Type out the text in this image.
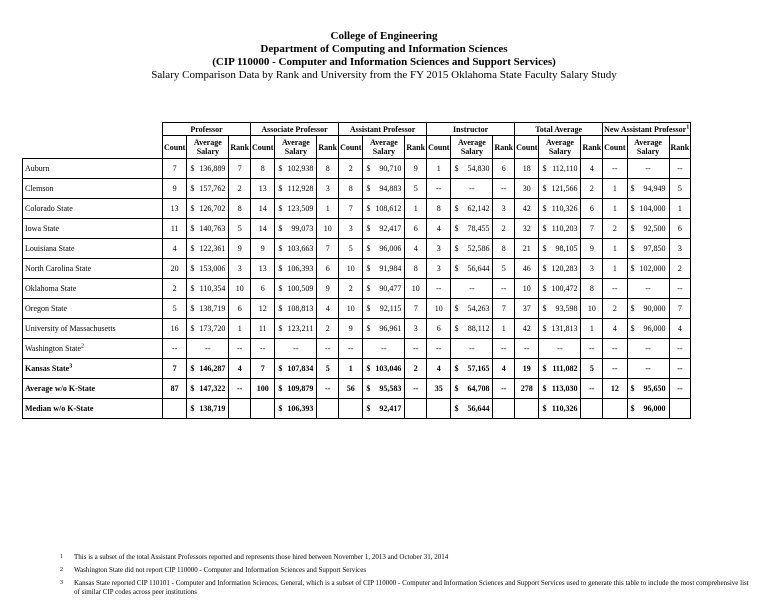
College of Engineering
Department of Computing and Information Sciences
(CIP 110000 - Computer and Information Sciences and Support Services)
Salary Comparison Data by Rank and University from the FY 2015 Oklahoma State Faculty Salary Study
	Professor			Associate Professor			Assistant Professor			Instructor			Total Average			New Assistant Professor$^1$
	Count	Average Salary	Rank	Count	Average Salary	Rank	Count	Average Salary	Rank	Count	Average Salary	Rank	Count	Average Salary	Rank	Count	Average Salary	Rank
Auburn	7	$ 136,889	7	8	$ 102,938	8	2	$ 90,710	9	1	$ 54,830	6	18	$ 112,110	4	--	--	--
Clemson	9	$ 157,762	2	13	$ 112,928	3	8	$ 94,883	5	--	--	--	30	$ 121,566	2	1	$ 94,949	5
Colorado State	13	$ 126,702	8	14	$ 123,509	1	7	$ 108,612	1	8	$ 62,142	3	42	$ 110,326	6	1	$ 104,000	1
Iowa State	11	$ 140,763	5	14	$ 99,073	10	3	$ 92,417	6	4	$ 78,455	2	32	$ 110,203	7	2	$ 92,500	6
Louisiana State	4	$ 122,361	9	9	$ 103,663	7	5	$ 96,006	4	3	$ 52,586	8	21	$ 98,105	9	1	$ 97,850	3
North Carolina State	20	$ 153,006	3	13	$ 106,393	6	10	$ 91,984	8	3	$ 56,644	5	46	$ 120,283	3	1	$ 102,000	2
Oklahoma State	2	$ 110,354	10	6	$ 100,509	9	2	$ 90,477	10	--	--	--	10	$ 100,472	8	--	--	--
Oregon State	5	$ 138,719	6	12	$ 108,813	4	10	$ 92,115	7	10	$ 54,263	7	37	$ 93,598	10	2	$ 90,000	7
University of Massachusetts	16	$ 173,720	1	11	$ 123,211	2	9	$ 96,961	3	6	$ 88,112	1	42	$ 131,813	1	4	$ 96,000	4
Washington State$^2$	--	--	--	--	--	--	--	--	--	--	--	--	--	--	--	--	--	--
Kansas State$^3$	7	$ 146,287	4	7	$ 107,834	5	1	$ 103,046	2	4	$ 57,165	4	19	$ 111,082	5	--	--	--
Average w/o K-State	87	$ 147,322	--	100	$ 109,879	--	56	$ 95,583	--	35	$ 64,708	--	278	$ 113,030	--	12	$ 95,650	--
Median w/o K-State		$ 138,719			$ 106,393			$ 92,417			$ 56,644			$ 110,326			$ 96,000	

1	This is a subset of the total Assistant Professors reported and represents those hired between November 1, 2013 and October 31, 2014
2	Washington State did not report CIP 110000 - Computer and Information Sciences and Support Services
3	Kansas State reported CIP 110101 - Computer and Information Sciences, General, which is a subset of CIP 110000 - Computer and Information Sciences and Support Services used to generate this table to include the most comprehensive list of similar CIP codes across peer institutions
